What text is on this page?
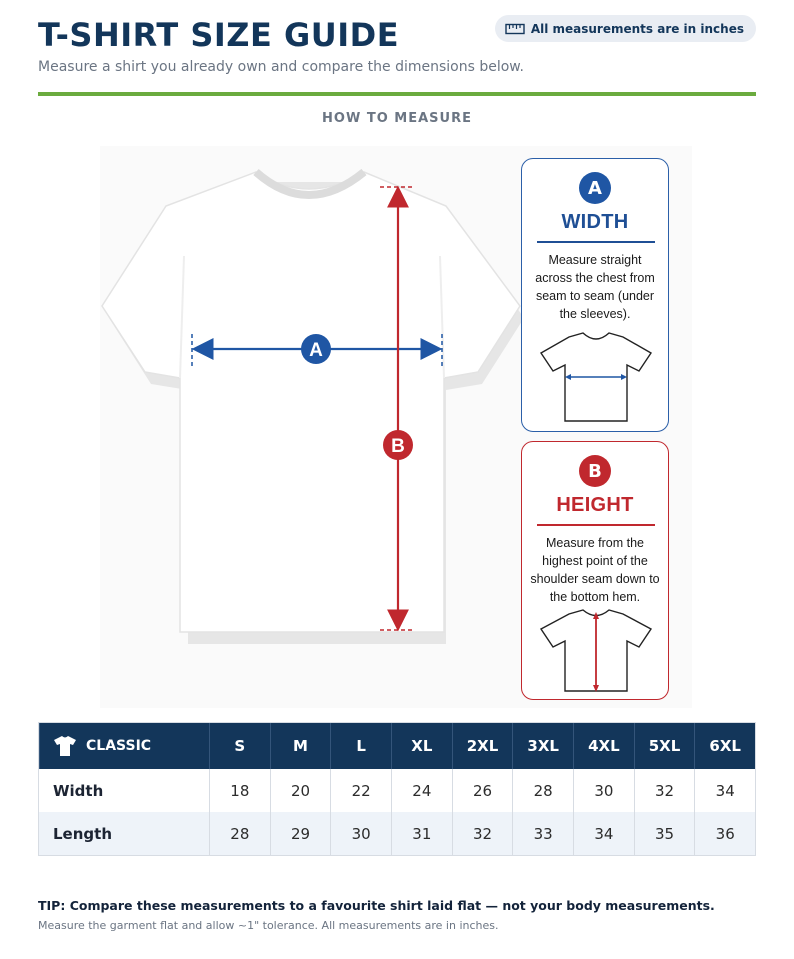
T-SHIRT SIZE GUIDE
Measure a shirt you already own and compare the dimensions below.
All measurements are in inches
HOW TO MEASURE
A
B
A
WIDTH
Measure straight across the chest from seam to seam (under the sleeves).
B
HEIGHT
Measure from the highest point of the shoulder seam down to the bottom hem.
CLASSIC	S	M	L	XL	2XL	3XL	4XL	5XL	6XL
Width	18	20	22	24	26	28	30	32	34
Length	28	29	30	31	32	33	34	35	36
TIP: Compare these measurements to a favourite shirt laid flat — not your body measurements.
Measure the garment flat and allow ~1" tolerance. All measurements are in inches.
